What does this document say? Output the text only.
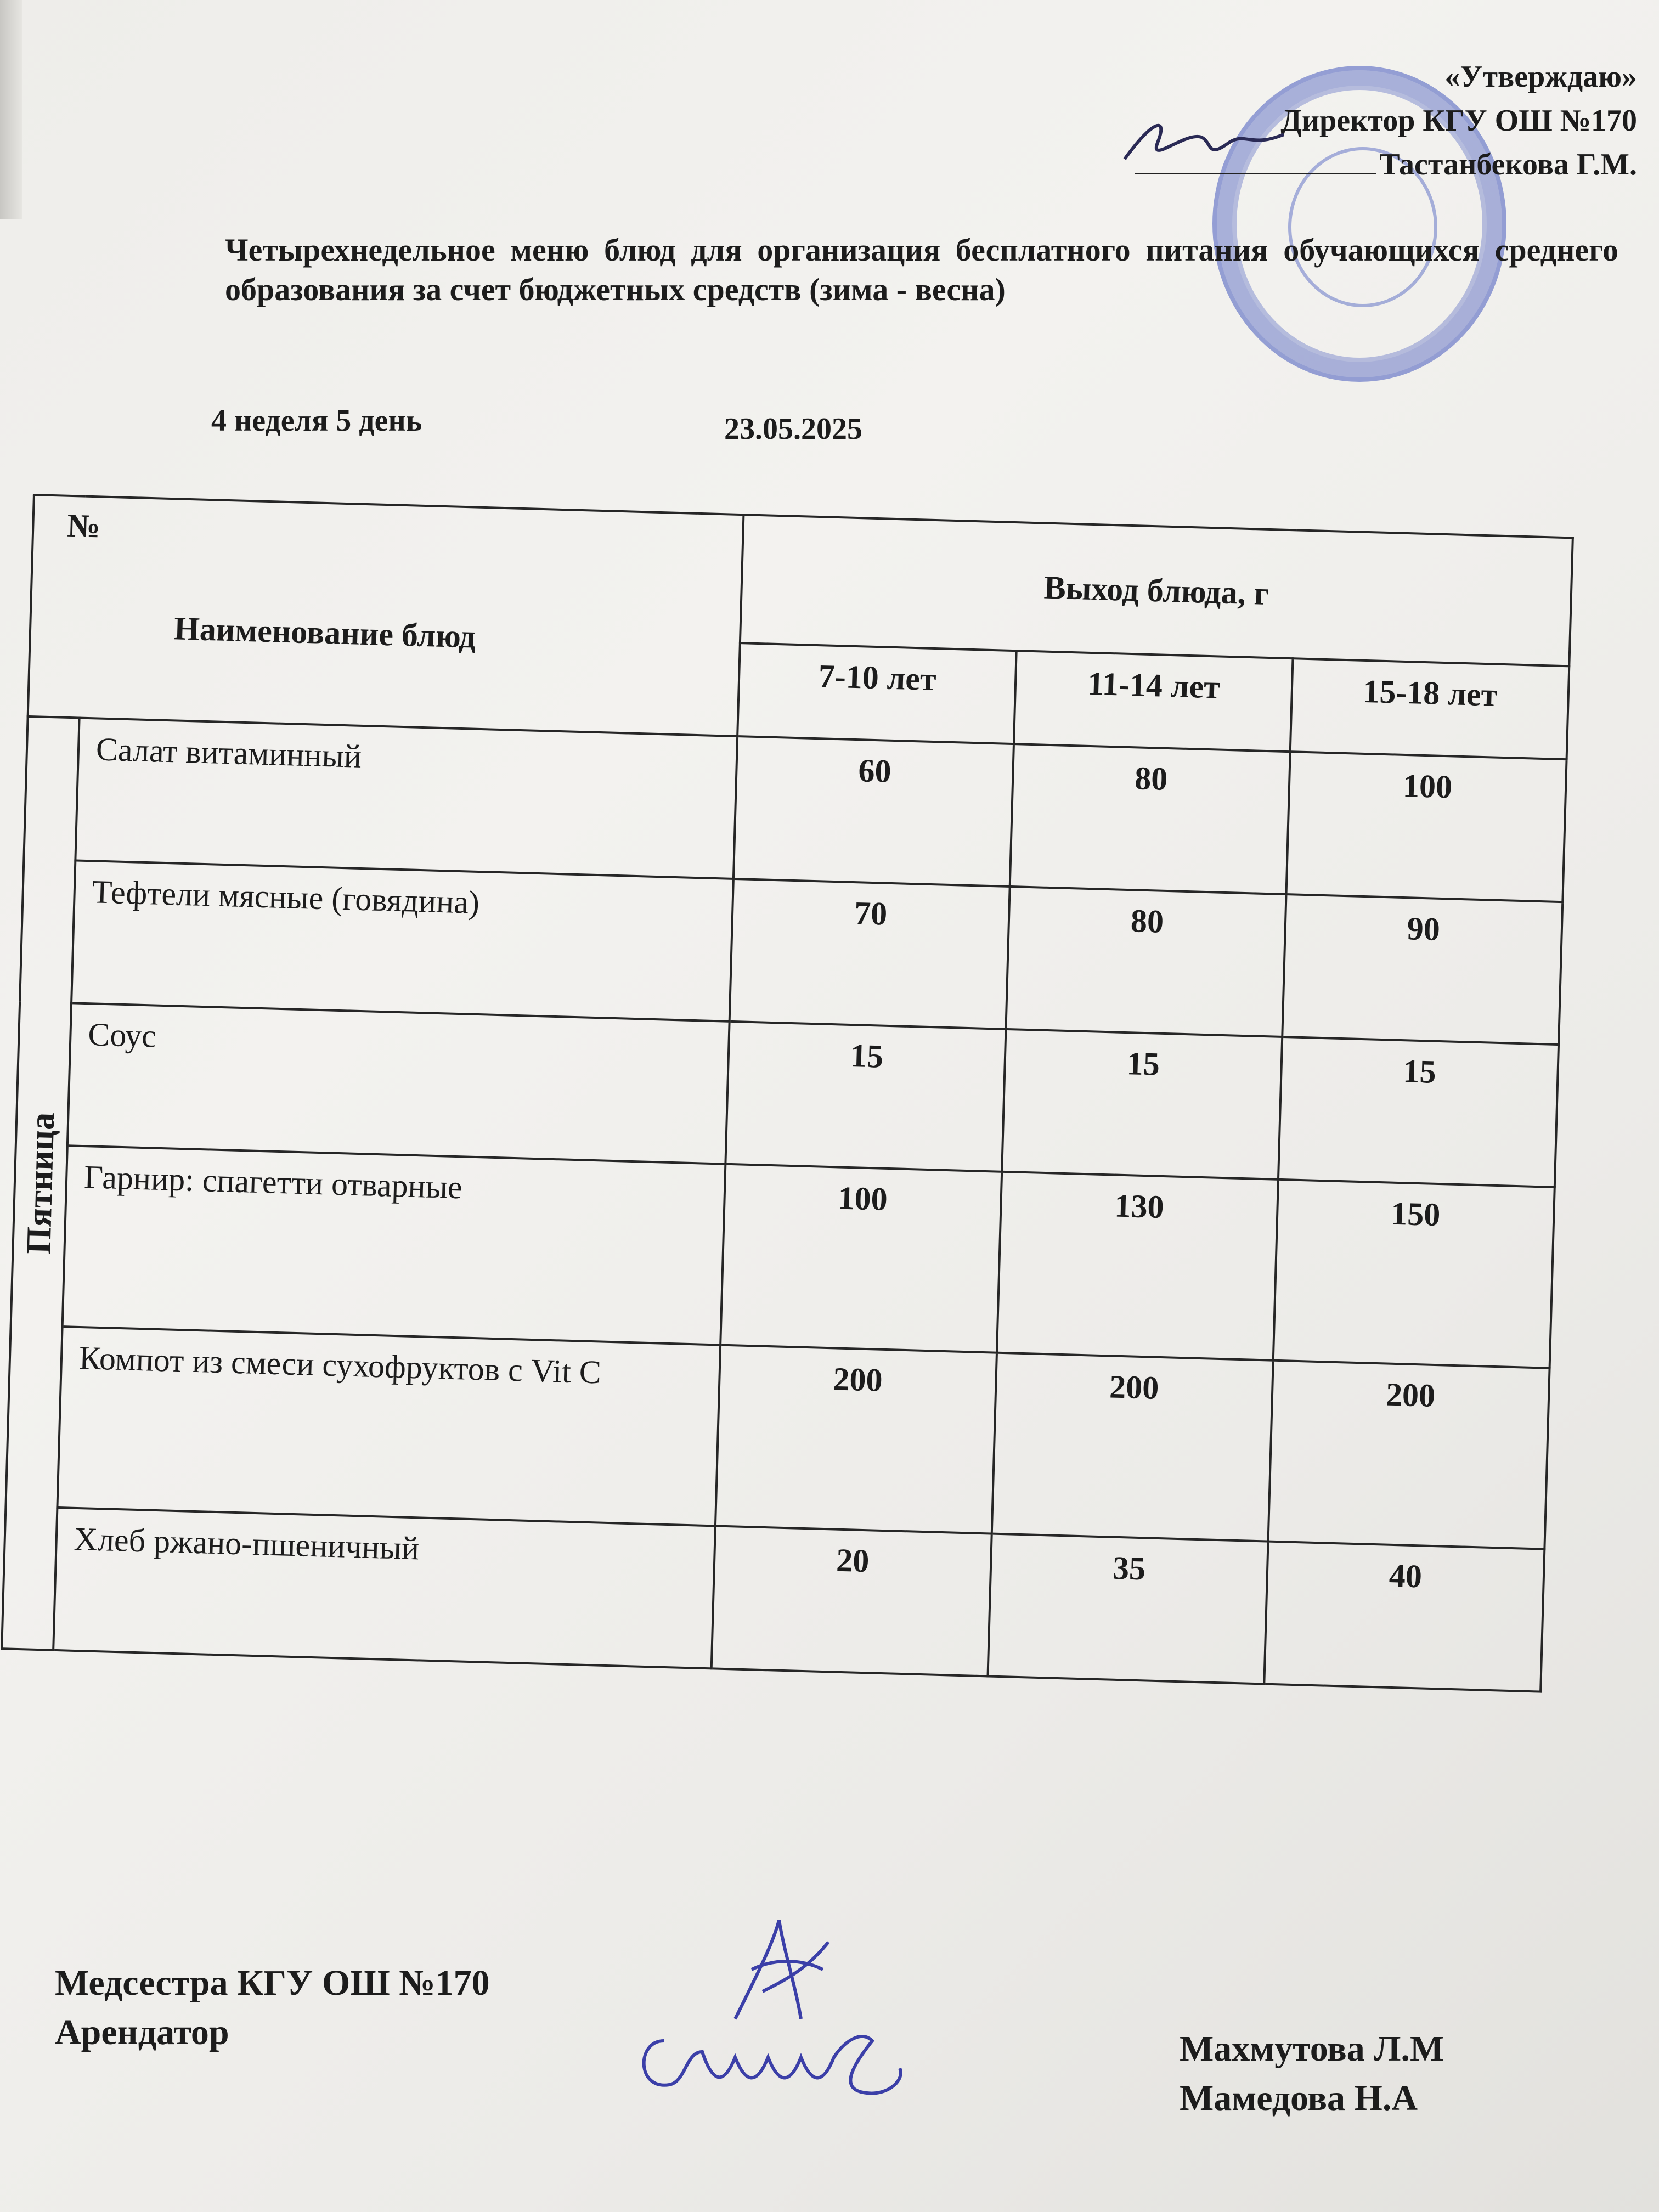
«Утверждаю»
Директор КГУ ОШ №170
Тастанбекова Г.М.
Четырехнедельное меню блюд для организация бесплатного питания обучающихся среднего образования за счет бюджетных средств (зима - весна)
4 неделя 5 день	23.05.2025
№
Наименование блюд		Выход блюда, г		
		7-10 лет	11-14 лет	15-18 лет

Пятница	Салат витаминный	60	80	100
	Тефтели мясные (говядина)	70	80	90
	Соус	15	15	15
	Гарнир: спагетти отварные	100	130	150
	Компот из смеси сухофруктов с Vit C	200	200	200
	Хлеб ржано-пшеничный	20	35	40
Медсестра КГУ ОШ №170
Арендатор	Махмутова Л.М
Мамедова Н.А
